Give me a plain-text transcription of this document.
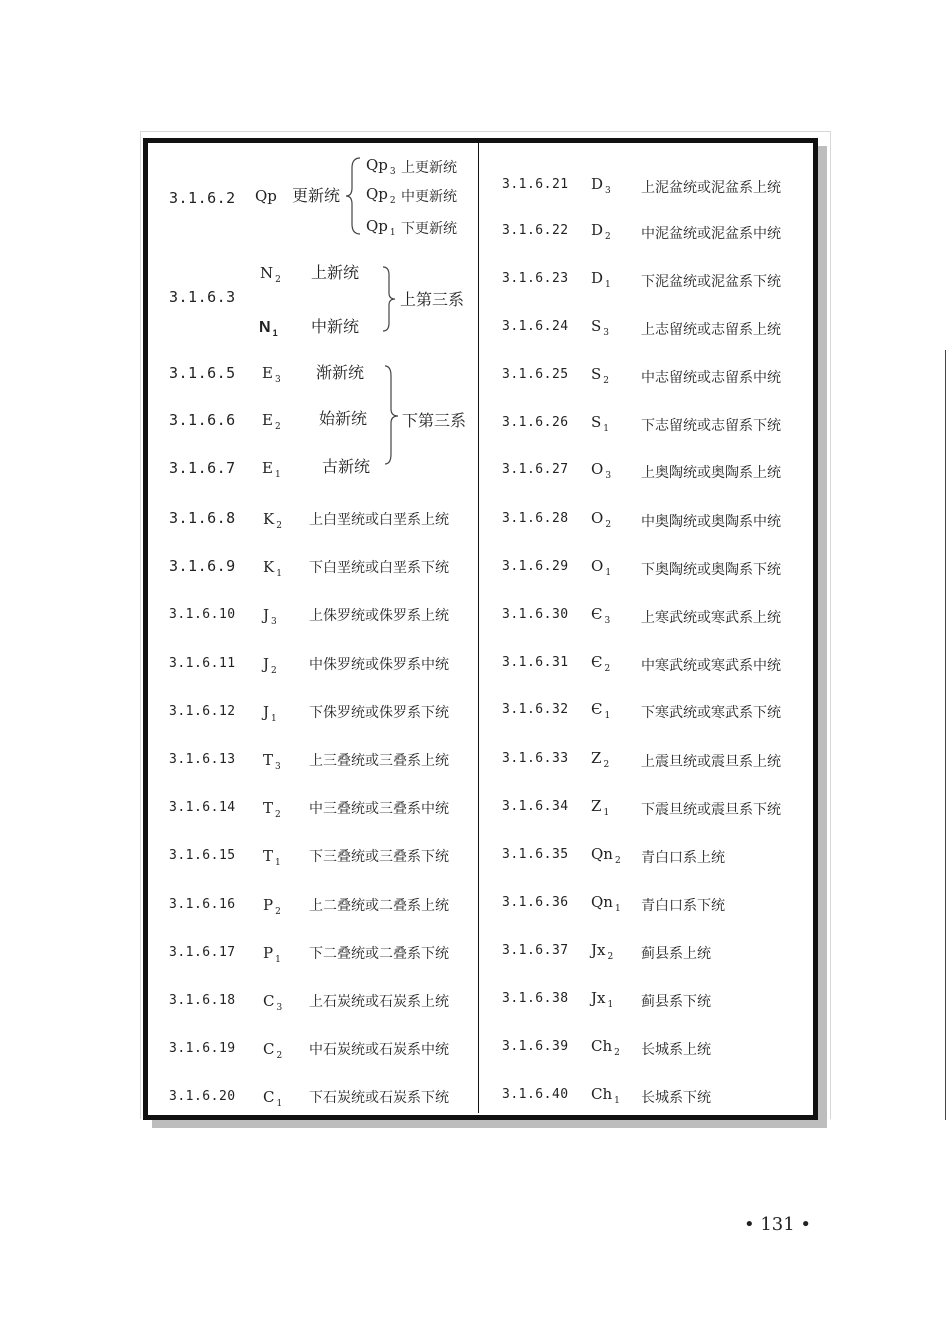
3.1.6.2 Qp 更新统
Qp $_3$ 上更新统
Qp $_2$ 中更新统
Qp $_1$ 下更新统
3.1.6.3
N $_2$ 上新统
N $_1$ 中新统
上第三系
3.1.6.5 E $_3$ 渐新统
3.1.6.6 E $_2$ 始新统
3.1.6.7 E $_1$	古新统
下第三系
3.1.6.8 K $_2$ 上白垩统或白垩系上统
3.1.6.9 K $_1$ 下白垩统或白垩系下统
3.1.6.10 J $_3$ 上侏罗统或侏罗系上统
3.1.6.11 J $_2$ 中侏罗统或侏罗系中统
3.1.6.12 J $_1$ 下侏罗统或侏罗系下统
3.1.6.13 T $_3$ 上三叠统或三叠系上统
3.1.6.14 T $_2$ 中三叠统或三叠系中统
3.1.6.15 T $_1$ 下三叠统或三叠系下统
3.1.6.16 P $_2$ 上二叠统或二叠系上统
3.1.6.17 P $_1$ 下二叠统或二叠系下统
3.1.6.18 C $_3$ 上石炭统或石炭系上统
3.1.6.19 C $_2$ 中石炭统或石炭系中统
3.1.6.20 C $_1$ 下石炭统或石炭系下统
3.1.6.21 D $_3$ 上泥盆统或泥盆系上统
3.1.6.22 D $_2$ 中泥盆统或泥盆系中统
3.1.6.23 D $_1$ 下泥盆统或泥盆系下统
3.1.6.24 S $_3$ 上志留统或志留系上统
3.1.6.25 S $_2$ 中志留统或志留系中统
3.1.6.26 S $_1$ 下志留统或志留系下统
3.1.6.27 O $_3$ 上奥陶统或奥陶系上统
3.1.6.28 O $_2$ 中奥陶统或奥陶系中统
3.1.6.29 O $_1$ 下奥陶统或奥陶系下统
3.1.6.30 Є $_3$ 上寒武统或寒武系上统
3.1.6.31 Є $_2$ 中寒武统或寒武系中统
3.1.6.32 Є $_1$ 下寒武统或寒武系下统
3.1.6.33 Z $_2$ 上震旦统或震旦系上统
3.1.6.34 Z $_1$ 下震旦统或震旦系下统
3.1.6.35 Qn $_2$ 青白口系上统
3.1.6.36 Qn $_1$ 青白口系下统
3.1.6.37 Jx $_2$ 蓟县系上统
3.1.6.38 Jx $_1$ 蓟县系下统
3.1.6.39 Ch $_2$ 长城系上统
3.1.6.40 Ch $_1$ 长城系下统
• 131 •
